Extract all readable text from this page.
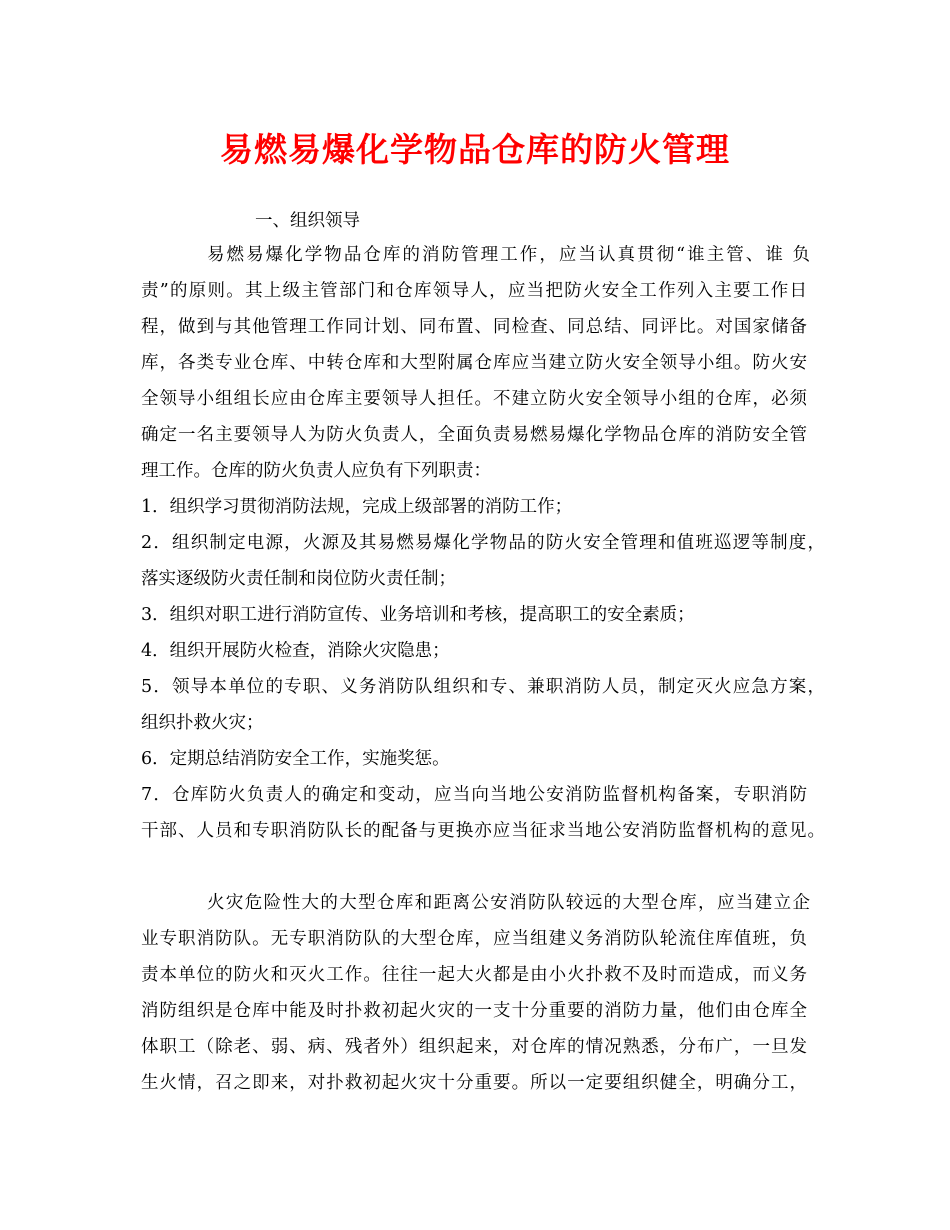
易燃易爆化学物品仓库的防火管理
一、组织领导
易燃易爆化学物品仓库的消防管理工作，应当认真贯彻“谁主管、谁 负
责”的原则。其上级主管部门和仓库领导人，应当把防火安全工作列入主要工作日
程，做到与其他管理工作同计划、同布置、同检查、同总结、同评比。对国家储备
库，各类专业仓库、中转仓库和大型附属仓库应当建立防火安全领导小组。防火安
全领导小组组长应由仓库主要领导人担任。不建立防火安全领导小组的仓库，必须
确定一名主要领导人为防火负责人，全面负责易燃易爆化学物品仓库的消防安全管
理工作。仓库的防火负责人应负有下列职责：
1．组织学习贯彻消防法规，完成上级部署的消防工作；
2．组织制定电源，火源及其易燃易爆化学物品的防火安全管理和值班巡逻等制度，
落实逐级防火责任制和岗位防火责任制；
3．组织对职工进行消防宣传、业务培训和考核，提高职工的安全素质；
4．组织开展防火检查，消除火灾隐患；
5．领导本单位的专职、义务消防队组织和专、兼职消防人员，制定灭火应急方案，
组织扑救火灾；
6．定期总结消防安全工作，实施奖惩。
7．仓库防火负责人的确定和变动，应当向当地公安消防监督机构备案，专职消防
干部、人员和专职消防队长的配备与更换亦应当征求当地公安消防监督机构的意见。
火灾危险性大的大型仓库和距离公安消防队较远的大型仓库，应当建立企
业专职消防队。无专职消防队的大型仓库，应当组建义务消防队轮流住库值班，负
责本单位的防火和灭火工作。往往一起大火都是由小火扑救不及时而造成，而义务
消防组织是仓库中能及时扑救初起火灾的一支十分重要的消防力量，他们由仓库全
体职工（除老、弱、病、残者外）组织起来，对仓库的情况熟悉，分布广，一旦发
生火情，召之即来，对扑救初起火灾十分重要。所以一定要组织健全，明确分工，
